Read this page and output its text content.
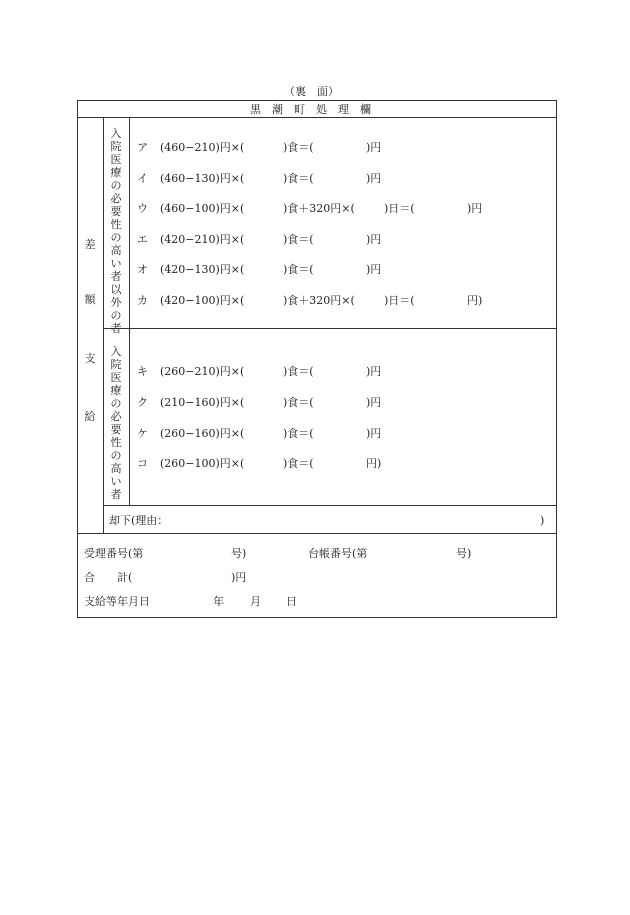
（裏　面）
黒　潮　町　処　理　欄
差
額
支
給
入
院
医
療
の
必
要
性
の
高
い
者
以
外
の
者
入
院
医
療
の
必
要
性
の
高
い
者
ア (460−210)円×(	)食＝(	)円
イ (460−130)円×(	)食＝(	)円
ウ (460−100)円×(	)食＋320円×(	)日＝(	)円
エ (420−210)円×(	)食＝(	)円
オ (420−130)円×(	)食＝(	)円
カ (420−100)円×(	)食＋320円×(	)日＝(	円)
キ (260−210)円×(	)食＝(	)円
ク (210−160)円×(	)食＝(	)円
ケ (260−160)円×(	)食＝(	)円
コ (260−100)円×(	)食＝(	円)
却下(理由：	)
受理番号(第	号)	台帳番号(第	号)
合　　計(	)円
支給等年月日	年 月 日
